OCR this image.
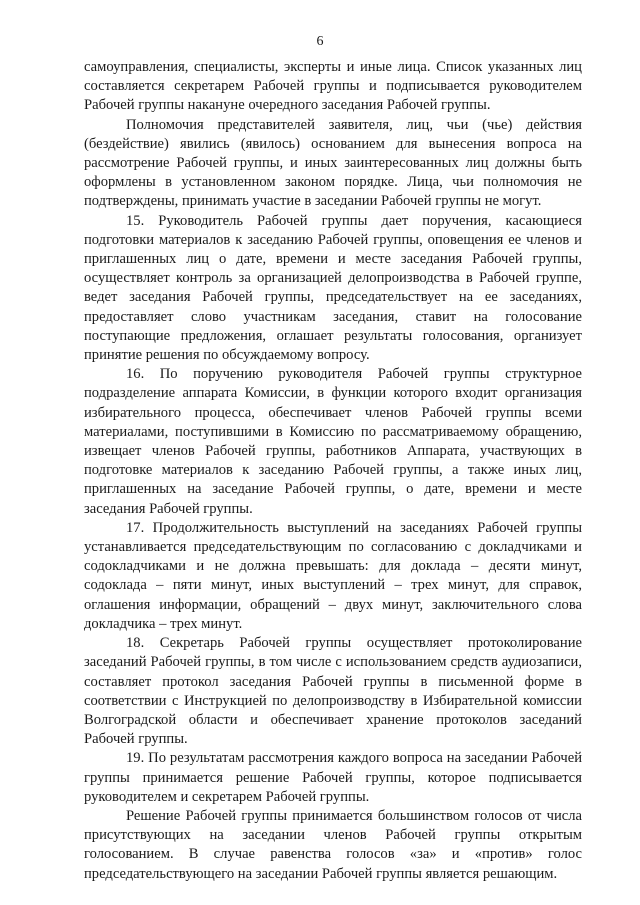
6

самоуправления, специалисты, эксперты и иные лица. Список указанных лиц составляется секретарем Рабочей группы и подписывается руководителем Рабочей группы накануне очередного заседания Рабочей группы.

Полномочия представителей заявителя, лиц, чьи (чье) действия (бездействие) явились (явилось) основанием для вынесения вопроса на рассмотрение Рабочей группы, и иных заинтересованных лиц должны быть оформлены в установленном законом порядке. Лица, чьи полномочия не подтверждены, принимать участие в заседании Рабочей группы не могут.

15. Руководитель Рабочей группы дает поручения, касающиеся подготовки материалов к заседанию Рабочей группы, оповещения ее членов и приглашенных лиц о дате, времени и месте заседания Рабочей группы, осуществляет контроль за организацией делопроизводства в Рабочей группе, ведет заседания Рабочей группы, председательствует на ее заседаниях, предоставляет слово участникам заседания, ставит на голосование поступающие предложения, оглашает результаты голосования, организует принятие решения по обсуждаемому вопросу.

16. По поручению руководителя Рабочей группы структурное подразделение аппарата Комиссии, в функции которого входит организация избирательного процесса, обеспечивает членов Рабочей группы всеми материалами, поступившими в Комиссию по рассматриваемому обращению, извещает членов Рабочей группы, работников Аппарата, участвующих в подготовке материалов к заседанию Рабочей группы, а также иных лиц, приглашенных на заседание Рабочей группы, о дате, времени и месте заседания Рабочей группы.

17. Продолжительность выступлений на заседаниях Рабочей группы устанавливается председательствующим по согласованию с докладчиками и содокладчиками и не должна превышать: для доклада – десяти минут, содоклада – пяти минут, иных выступлений – трех минут, для справок, оглашения информации, обращений – двух минут, заключительного слова докладчика – трех минут.

18. Секретарь Рабочей группы осуществляет протоколирование заседаний Рабочей группы, в том числе с использованием средств аудиозаписи, составляет протокол заседания Рабочей группы в письменной форме в соответствии с Инструкцией по делопроизводству в Избирательной комиссии Волгоградской области и обеспечивает хранение протоколов заседаний Рабочей группы.

19. По результатам рассмотрения каждого вопроса на заседании Рабочей группы принимается решение Рабочей группы, которое подписывается руководителем и секретарем Рабочей группы.

Решение Рабочей группы принимается большинством голосов от числа присутствующих на заседании членов Рабочей группы открытым голосованием. В случае равенства голосов «за» и «против» голос председательствующего на заседании Рабочей группы является решающим.
